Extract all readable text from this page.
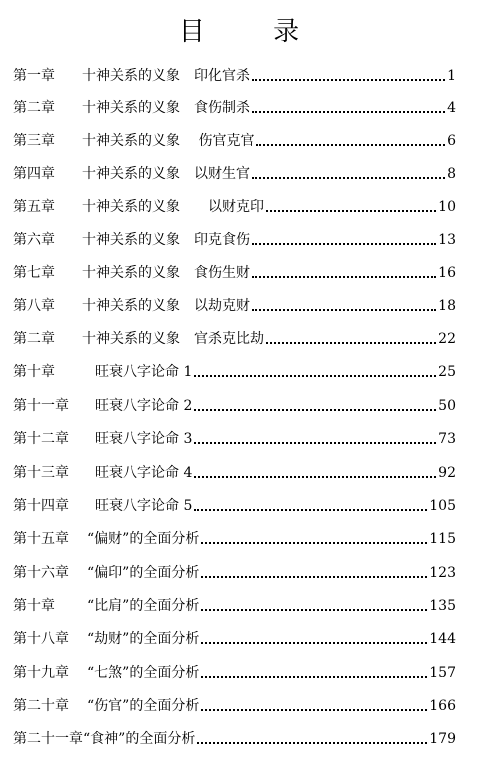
目 录
第一章	十神关系的义象　印化官杀	1
第二章	十神关系的义象　食伤制杀	4
第三章	十神关系的义象　 伤官克官	6
第四章	十神关系的义象　以财生官	8
第五章	十神关系的义象　　以财克印	10
第六章	十神关系的义象　印克食伤	13
第七章	十神关系的义象　食伤生财	16
第八章	十神关系的义象　以劫克财	18
第二章	十神关系的义象　官杀克比劫	22
第十章	旺衰八字论命 1	25
第十一章	旺衰八字论命 2	50
第十二章	旺衰八字论命 3	73
第十三章	旺衰八字论命 4	92
第十四章	旺衰八字论命 5	105
第十五章	“偏财”的全面分析	115
第十六章	“偏印”的全面分析	123
第十章	“比肩”的全面分析	135
第十八章	“劫财”的全面分析	144
第十九章	“七煞”的全面分析	157
第二十章	“伤官”的全面分析	166
第二十一章 “食神”的全面分析	179
